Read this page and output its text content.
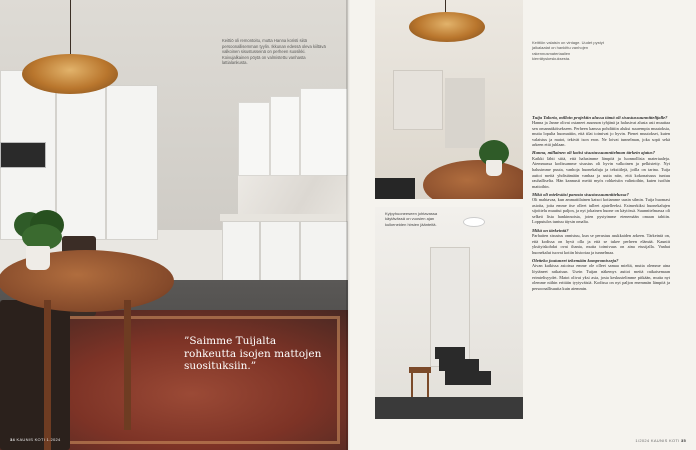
Keittiö oli remontoitu, mutta Hanna koristi siitä persoonallisemman tyylin. Ikkunan edessä oleva kiiltävä valkoinen sisustusseinä on perheen suosikki. Koivujalkainen pöytä on valmistettu vanhasta lattialankusta.
”Saimme Tuijalta rohkeutta isojen mattojen suosituksiin.”
34 KAUNIS KOTI 1.2024
Keittiön valaisin on vintage. Uudet pystyt jalkalaatat on hankittu vanhojen rakennusmateriaalien kierrätyskeskuksesta.
Kylpyhuoneeseen johtavassa käytävässä on vuosien ajan kulkeneiden hirsien jäänteitä.
Tuija Taloria, milloin projektin alussa tämä oli sisustussuunnittelijalle?

Hanna ja Janne olivat ostaneet asunnon tyhjänä ja halusivat alusta asti muuttaa sen omannäköisekseen. Perheen kanssa pohdittiin aluksi suurempia muutoksia, mutta lopulta huomattiin, että tilat toimivat jo hyvin. Pienet muutokset, kuten valaistus ja matot, tekivät ison eron. Ne loivat tunnelman, joka sopii sekä arkeen että juhlaan.

Hanna, millainen oli kotisi sisustussuunnitelman tärkein ajatus?

Kaikki lähti siitä, että halusimme lämpöä ja luonnollisia materiaaleja. Aiemmassa kodissamme sisustus oli hyvin valkoinen ja pelkistetty. Nyt halusimme puuta, vanhoja huonekaluja ja tekstiilejä, joilla on tarina. Tuija auttoi meitä yhdistämään vanhaa ja uutta niin, että kokonaisuus tuntuu rauhalliselta. Hän kannusti meitä myös rohkeisiin valintoihin, kuten isoihin mattoihin.

Mikä oli mielestäsi parasta sisustussuunnittelussa?

Oli mahtavaa, kun ammattilainen katsoi kotiamme uusin silmin. Tuija huomasi asioita, joita emme itse olleet tulleet ajatelleeksi. Esimerkiksi huonekalujen sijoittelu muuttui paljon, ja nyt jokainen huone on käytössä. Suunnitelmassa oli selkeä lista hankinnoista, joten pystyimme etenemään omaan tahtiin. Lopputulos tuntuu täysin omalta.

Mikä on tärkeintä?

Parhaiten sisustus onnistuu, kun se perustuu asukkaiden arkeen. Tärkeintä on, että kodissa on hyvä olla ja että se tukee perheen elämää. Kauniit yksityiskohdat ovat ihania, mutta toimivuus on aina etusijalla. Vanhat huonekalut tuovat kotiin historiaa ja tunnelmaa.

Oletteko joutuneet tekemään kompromisseja?

Aivan kaikissa asioissa emme ole olleet samaa mieltä, mutta olemme aina löytäneet ratkaisun. Usein Tuijan näkemys auttoi meitä ratkaisemaan erimielisyydet. Matot olivat yksi asia, josta keskustelimme pitkään, mutta nyt olemme niihin erittäin tyytyväisiä. Kodissa on nyt paljon enemmän lämpöä ja persoonallisuutta kuin aiemmin.

1/2024 KAUNIS KOTI 35
